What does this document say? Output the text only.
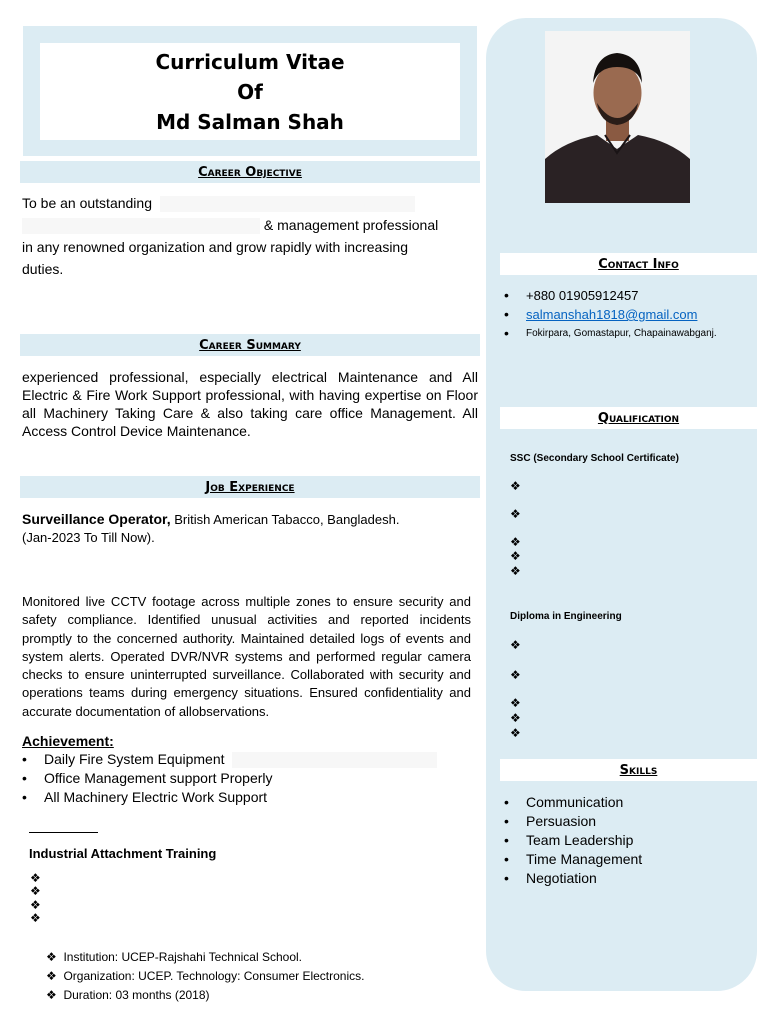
Curriculum Vitae
Of
Md Salman Shah
Career Objective
To be an outstanding
& management professional
in any renowned organization and grow rapidly with increasing
duties.
Career Summary
experienced professional, especially electrical Maintenance and All Electric & Fire Work Support professional, with having expertise on Floor all Machinery Taking Care & also taking care office Management. All Access Control Device Maintenance.
Job Experience
Surveillance Operator, British American Tabacco, Bangladesh.
(Jan-2023 To Till Now).
Monitored live CCTV footage across multiple zones to ensure security and safety compliance. Identified unusual activities and reported incidents promptly to the concerned authority. Maintained detailed logs of events and system alerts. Operated DVR/NVR systems and performed regular camera checks to ensure uninterrupted surveillance. Collaborated with security and operations teams during emergency situations. Ensured confidentiality and accurate documentation of allobservations.
Achievement:
• Daily Fire System Equipment
• Office Management support Properly
• All Machinery Electric Work Support
Industrial Attachment Training
❖
❖
❖
❖
❖ Institution: UCEP-Rajshahi Technical School.
❖ Organization: UCEP. Technology: Consumer Electronics.
❖ Duration: 03 months (2018)
Contact Info
• +880 01905912457
• salmanshah1818@gmail.com
• Fokirpara, Gomastapur, Chapainawabganj.
Qualification
SSC (Secondary School Certificate)
❖
❖
❖
❖
❖
Diploma in Engineering
❖
❖
❖
❖
❖
Skills
• Communication
• Persuasion
• Team Leadership
• Time Management
• Negotiation
